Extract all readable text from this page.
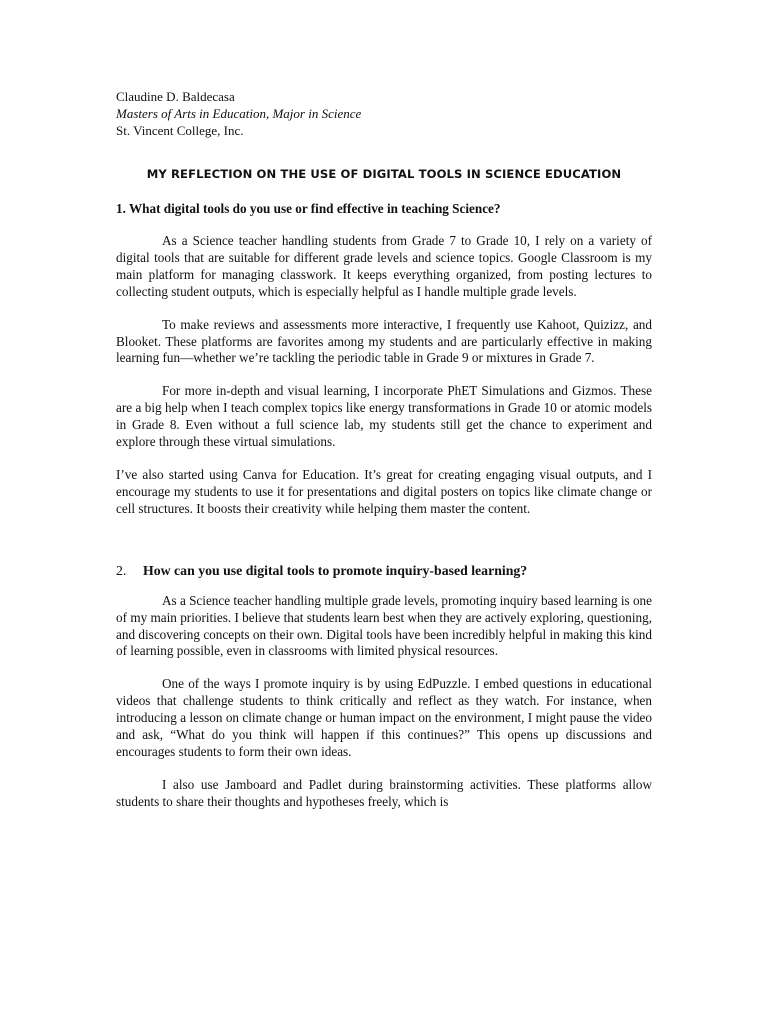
Claudine D. Baldecasa
Masters of Arts in Education, Major in Science
St. Vincent College, Inc.
MY REFLECTION ON THE USE OF DIGITAL TOOLS IN SCIENCE EDUCATION
1. What digital tools do you use or find effective in teaching Science?

As a Science teacher handling students from Grade 7 to Grade 10, I rely on a variety of digital tools that are suitable for different grade levels and science topics. Google Classroom is my main platform for managing classwork. It keeps everything organized, from posting lectures to collecting student outputs, which is especially helpful as I handle multiple grade levels.

To make reviews and assessments more interactive, I frequently use Kahoot, Quizizz, and Blooket. These platforms are favorites among my students and are particularly effective in making learning fun—whether we’re tackling the periodic table in Grade 9 or mixtures in Grade 7.

For more in-depth and visual learning, I incorporate PhET Simulations and Gizmos. These are a big help when I teach complex topics like energy transformations in Grade 10 or atomic models in Grade 8. Even without a full science lab, my students still get the chance to experiment and explore through these virtual simulations.

I’ve also started using Canva for Education. It’s great for creating engaging visual outputs, and I encourage my students to use it for presentations and digital posters on topics like climate change or cell structures. It boosts their creativity while helping them master the content.

2. How can you use digital tools to promote inquiry-based learning?

As a Science teacher handling multiple grade levels, promoting inquiry based learning is one of my main priorities. I believe that students learn best when they are actively exploring, questioning, and discovering concepts on their own. Digital tools have been incredibly helpful in making this kind of learning possible, even in classrooms with limited physical resources.

One of the ways I promote inquiry is by using EdPuzzle. I embed questions in educational videos that challenge students to think critically and reflect as they watch. For instance, when introducing a lesson on climate change or human impact on the environment, I might pause the video and ask, “What do you think will happen if this continues?” This opens up discussions and encourages students to form their own ideas.

I also use Jamboard and Padlet during brainstorming activities. These platforms allow students to share their thoughts and hypotheses freely, which is
